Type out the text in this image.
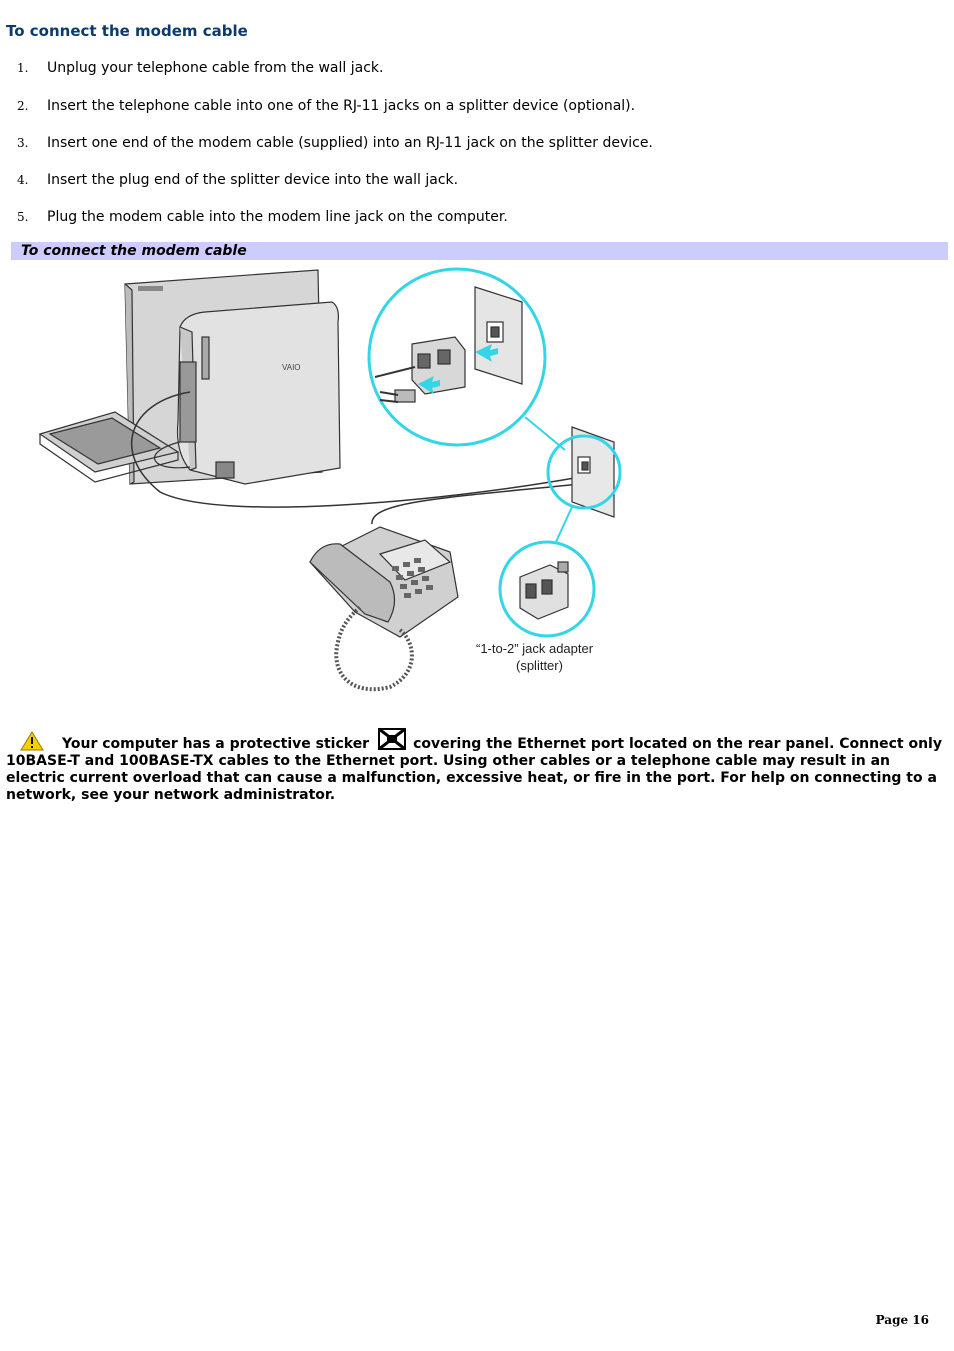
To connect the modem cable
1. Unplug your telephone cable from the wall jack.
2. Insert the telephone cable into one of the RJ-11 jacks on a splitter device (optional).
3. Insert one end of the modem cable (supplied) into an RJ-11 jack on the splitter device.
4. Insert the plug end of the splitter device into the wall jack.
5. Plug the modem cable into the modem line jack on the computer.
To connect the modem cable
VAIO
“1-to-2” jack adapter
(splitter)
Your computer has a protective sticker	covering the Ethernet port located on the rear panel. Connect only 10BASE-T and 100BASE-TX cables to the Ethernet port. Using other cables or a telephone cable may result in an electric current overload that can cause a malfunction, excessive heat, or fire in the port. For help on connecting to a network, see your network administrator.
Page 16
